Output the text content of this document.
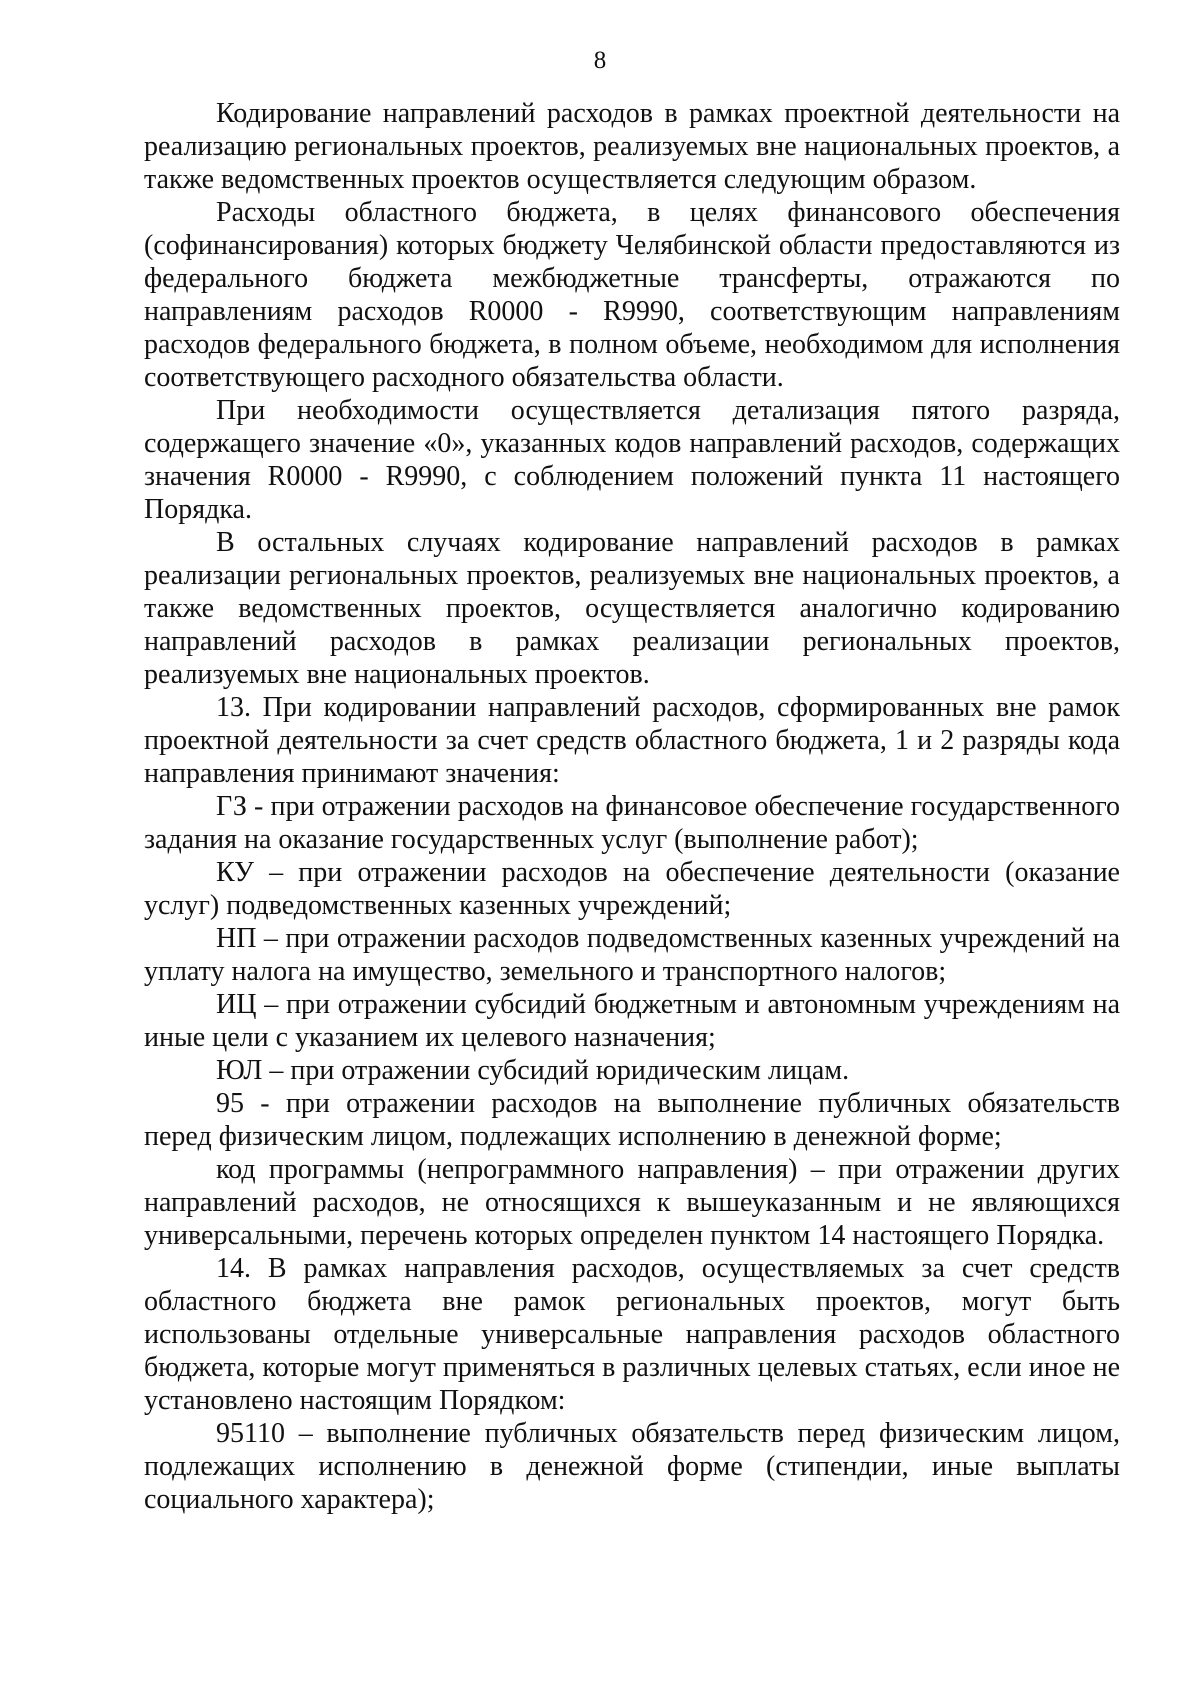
8

Кодирование направлений расходов в рамках проектной деятельности на реализацию региональных проектов, реализуемых вне национальных проектов, а также ведомственных проектов осуществляется следующим образом.

Расходы областного бюджета, в целях финансового обеспечения (софинансирования) которых бюджету Челябинской области предоставляются из федерального бюджета межбюджетные трансферты, отражаются по направлениям расходов R0000 - R9990, соответствующим направлениям расходов федерального бюджета, в полном объеме, необходимом для исполнения соответствующего расходного обязательства области.

При необходимости осуществляется детализация пятого разряда, содержащего значение «0», указанных кодов направлений расходов, содержащих значения R0000 - R9990, с соблюдением положений пункта 11 настоящего Порядка.

В остальных случаях кодирование направлений расходов в рамках реализации региональных проектов, реализуемых вне национальных проектов, а также ведомственных проектов, осуществляется аналогично кодированию направлений расходов в рамках реализации региональных проектов, реализуемых вне национальных проектов.

13. При кодировании направлений расходов, сформированных вне рамок проектной деятельности за счет средств областного бюджета, 1 и 2 разряды кода направления принимают значения:

ГЗ - при отражении расходов на финансовое обеспечение государственного задания на оказание государственных услуг (выполнение работ);

КУ – при отражении расходов на обеспечение деятельности (оказание услуг) подведомственных казенных учреждений;

НП – при отражении расходов подведомственных казенных учреждений на уплату налога на имущество, земельного и транспортного налогов;

ИЦ – при отражении субсидий бюджетным и автономным учреждениям на иные цели с указанием их целевого назначения;

ЮЛ – при отражении субсидий юридическим лицам.

95 - при отражении расходов на выполнение публичных обязательств перед физическим лицом, подлежащих исполнению в денежной форме;

код программы (непрограммного направления) – при отражении других направлений расходов, не относящихся к вышеуказанным и не являющихся универсальными, перечень которых определен пунктом 14 настоящего Порядка.

14. В рамках направления расходов, осуществляемых за счет средств областного бюджета вне рамок региональных проектов, могут быть использованы отдельные универсальные направления расходов областного бюджета, которые могут применяться в различных целевых статьях, если иное не установлено настоящим Порядком:

95110 – выполнение публичных обязательств перед физическим лицом, подлежащих исполнению в денежной форме (стипендии, иные выплаты социального характера);
